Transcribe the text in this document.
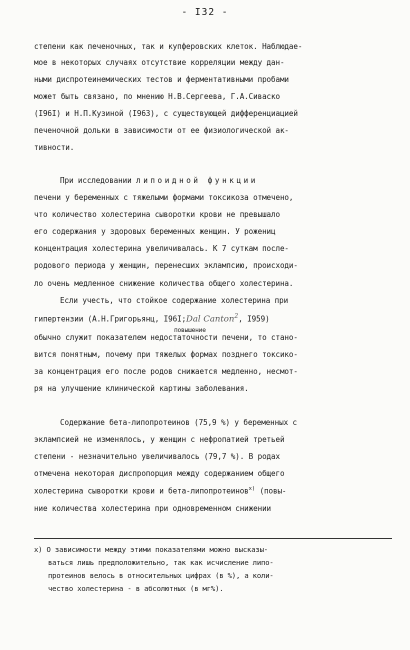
- I32 -
степени как печеночных, так и купферовских клеток. Наблюдае-
мое в некоторых случаях отсутствие корреляции между дан-
ными диспротеинемических тестов и ферментативными пробами
может быть связано, по мнению Н.В.Сергеева, Г.А.Сиваско
(I96I) и Н.П.Кузиной (I963), с существующей дифференциацией
печеночной дольки в зависимости от ее физиологической ак-
тивности.
При исследовании липоидной функции
печени у беременных с тяжелыми формами токсикоза отмечено,
что количество холестерина сыворотки крови не превышало
его содержания у здоровых беременных женщин. У рожениц
концентрация холестерина увеличивалась. К 7 суткам после-
родового периода у женщин, перенесших эклампсию, происходи-
ло очень медленное снижение количества общего холестерина.
повышение
Если учесть, что стойкое содержание холестерина при
гипертензии (А.Н.Григорьянц, I96I;Dal Canton$^2$, I959)
обычно служит показателем недостаточности печени, то стано-
вится понятным, почему при тяжелых формах позднего токсико-
за концентрация его после родов снижается медленно, несмот-
ря на улучшение клинической картины заболевания.
Содержание бета-липопротеинов (75,9 %) у беременных с
эклампсией не изменялось, у женщин с нефропатией третьей
степени - незначительно увеличивалось (79,7 %). В родах
отмечена некоторая диспропорция между содержанием общего
холестерина сыворотки крови и бета-липопротеинов$^{x)}$ (повы-
ние количества холестерина при одновременном снижении
x) О зависимости между этими показателями можно высказы-
ваться лишь предположительно, так как исчисление липо-
протеинов велось в относительных цифрах (в %), а коли-
чество холестерина - в абсолютных (в мг%).
